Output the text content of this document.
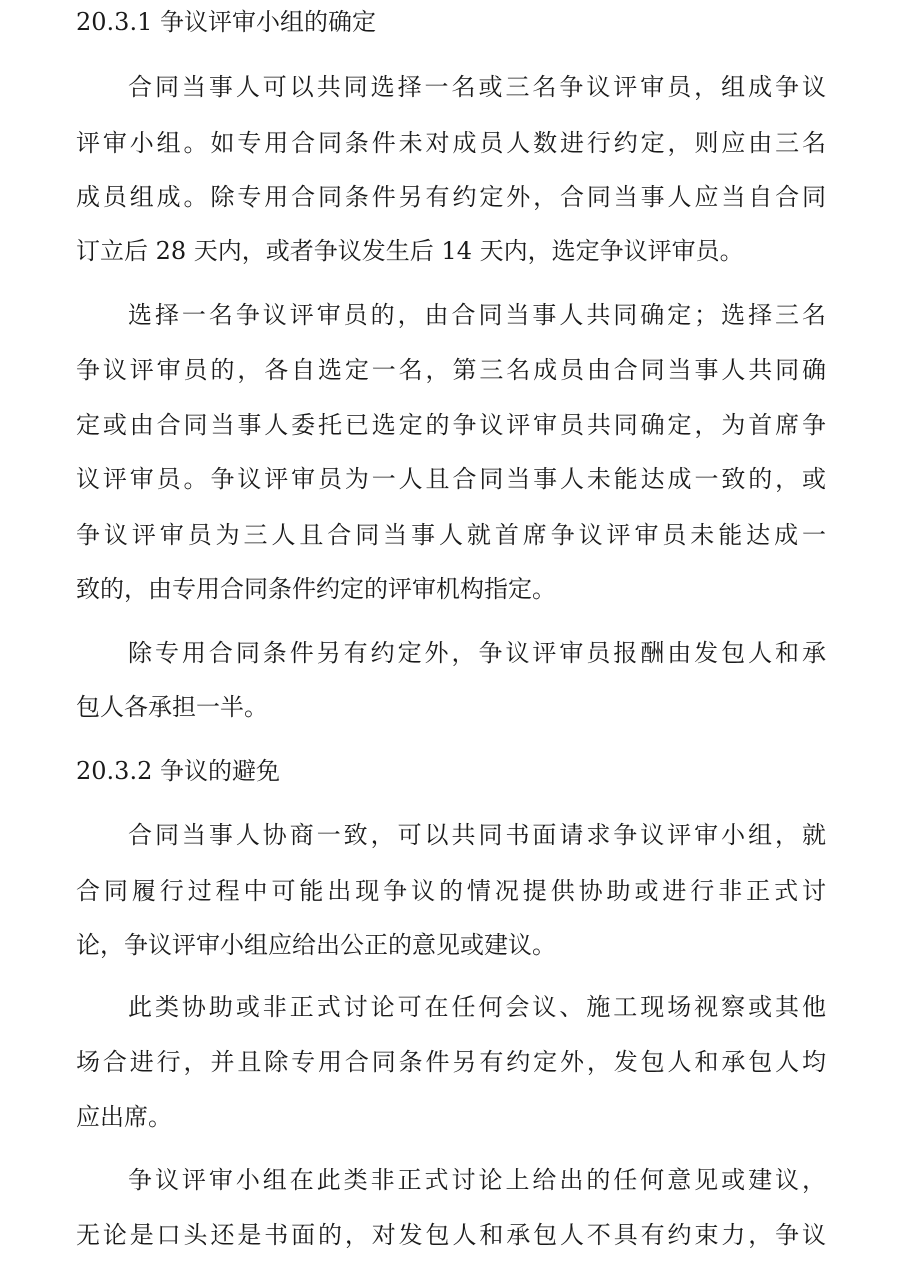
20.3.1 争议评审小组的确定

合同当事人可以共同选择一名或三名争议评审员，组成争议

评审小组。如专用合同条件未对成员人数进行约定，则应由三名

成员组成。除专用合同条件另有约定外，合同当事人应当自合同

订立后 28 天内，或者争议发生后 14 天内，选定争议评审员。

选择一名争议评审员的，由合同当事人共同确定；选择三名

争议评审员的，各自选定一名，第三名成员由合同当事人共同确

定或由合同当事人委托已选定的争议评审员共同确定，为首席争

议评审员。争议评审员为一人且合同当事人未能达成一致的，或

争议评审员为三人且合同当事人就首席争议评审员未能达成一

致的，由专用合同条件约定的评审机构指定。

除专用合同条件另有约定外，争议评审员报酬由发包人和承

包人各承担一半。

20.3.2 争议的避免

合同当事人协商一致，可以共同书面请求争议评审小组，就

合同履行过程中可能出现争议的情况提供协助或进行非正式讨

论，争议评审小组应给出公正的意见或建议。

此类协助或非正式讨论可在任何会议、施工现场视察或其他

场合进行，并且除专用合同条件另有约定外，发包人和承包人均

应出席。

争议评审小组在此类非正式讨论上给出的任何意见或建议，

无论是口头还是书面的，对发包人和承包人不具有约束力，争议
